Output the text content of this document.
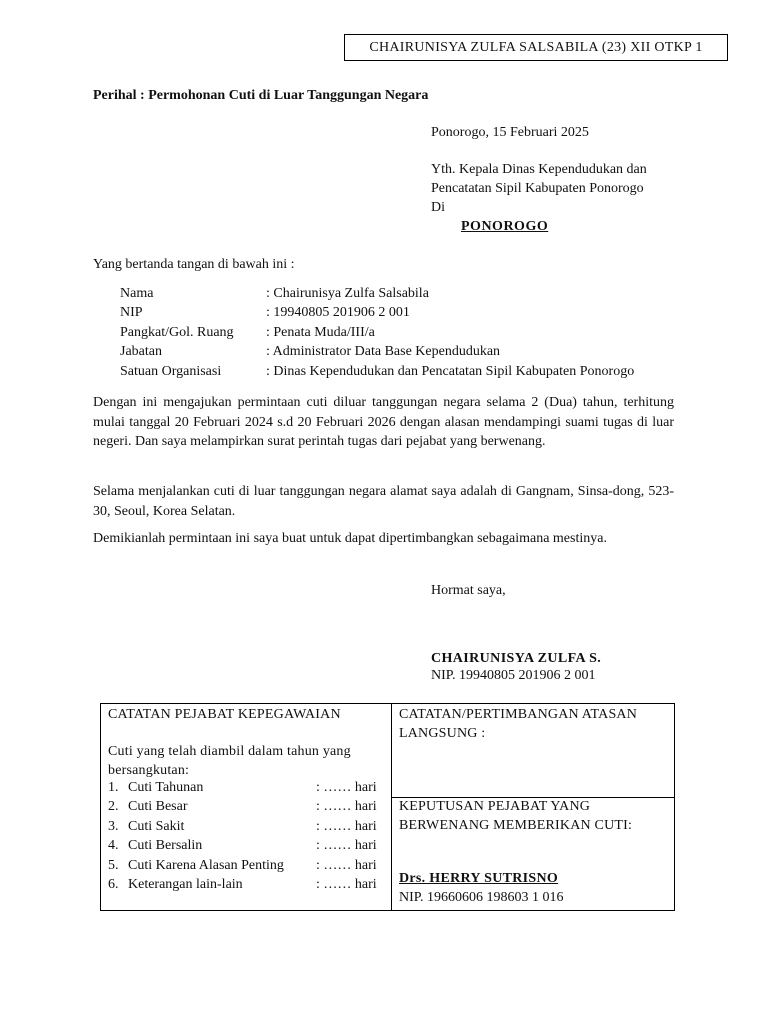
CHAIRUNISYA ZULFA SALSABILA (23) XII OTKP 1
Perihal : Permohonan Cuti di Luar Tanggungan Negara
Ponorogo, 15 Februari 2025
Yth. Kepala Dinas Kependudukan dan
Pencatatan Sipil Kabupaten Ponorogo
Di
PONOROGO
Yang bertanda tangan di bawah ini :
Nama	: Chairunisya Zulfa Salsabila
NIP	: 19940805 201906 2 001
Pangkat/Gol. Ruang	: Penata Muda/III/a
Jabatan	: Administrator Data Base Kependudukan
Satuan Organisasi	: Dinas Kependudukan dan Pencatatan Sipil Kabupaten Ponorogo
Dengan ini mengajukan permintaan cuti diluar tanggungan negara selama 2 (Dua) tahun, terhitung mulai tanggal 20 Februari 2024 s.d 20 Februari 2026 dengan alasan mendampingi suami tugas di luar negeri. Dan saya melampirkan surat perintah tugas dari pejabat yang berwenang.
Selama menjalankan cuti di luar tanggungan negara alamat saya adalah di Gangnam, Sinsa-dong, 523-30, Seoul, Korea Selatan.
Demikianlah permintaan ini saya buat untuk dapat dipertimbangkan sebagaimana mestinya.
Hormat saya,
CHAIRUNISYA ZULFA S.
NIP. 19940805 201906 2 001
CATATAN PEJABAT KEPEGAWAIAN
Cuti yang telah diambil dalam tahun yang
bersangkutan:
1.	Cuti Tahunan	: …… hari
2.	Cuti Besar	: …… hari
3.	Cuti Sakit	: …… hari
4.	Cuti Bersalin	: …… hari
5.	Cuti Karena Alasan Penting	: …… hari
6.	Keterangan lain-lain	: …… hari
CATATAN/PERTIMBANGAN ATASAN
LANGSUNG :
KEPUTUSAN PEJABAT YANG
BERWENANG MEMBERIKAN CUTI:
Drs. HERRY SUTRISNO
NIP. 19660606 198603 1 016
